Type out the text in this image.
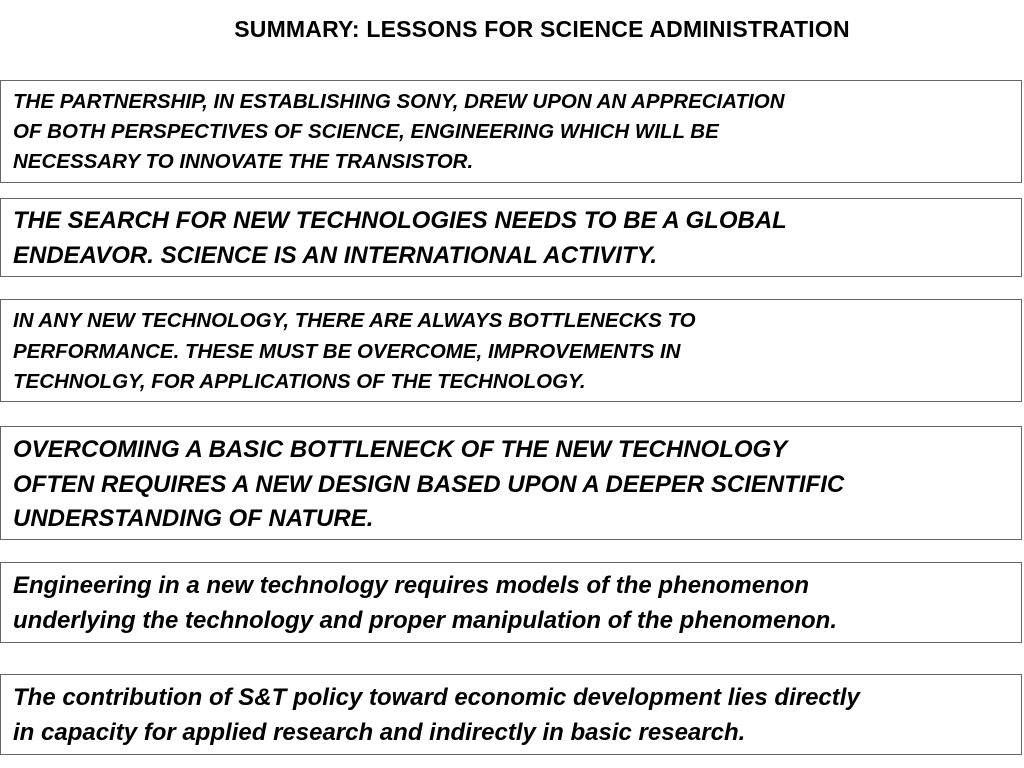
SUMMARY: LESSONS FOR SCIENCE ADMINISTRATION
THE PARTNERSHIP, IN ESTABLISHING SONY, DREW UPON AN APPRECIATION
OF BOTH PERSPECTIVES OF SCIENCE, ENGINEERING WHICH WILL BE
NECESSARY TO INNOVATE THE TRANSISTOR.
THE SEARCH FOR NEW TECHNOLOGIES NEEDS TO BE A GLOBAL
ENDEAVOR. SCIENCE IS AN INTERNATIONAL ACTIVITY.
IN ANY NEW TECHNOLOGY, THERE ARE ALWAYS BOTTLENECKS TO
PERFORMANCE. THESE MUST BE OVERCOME, IMPROVEMENTS IN
TECHNOLGY, FOR APPLICATIONS OF THE TECHNOLOGY.
OVERCOMING A BASIC BOTTLENECK OF THE NEW TECHNOLOGY
OFTEN REQUIRES A NEW DESIGN BASED UPON A DEEPER SCIENTIFIC
UNDERSTANDING OF NATURE.
Engineering in a new technology requires models of the phenomenon
underlying the technology and proper manipulation of the phenomenon.
The contribution of S&T policy toward economic development lies directly
in capacity for applied research and indirectly in basic research.
